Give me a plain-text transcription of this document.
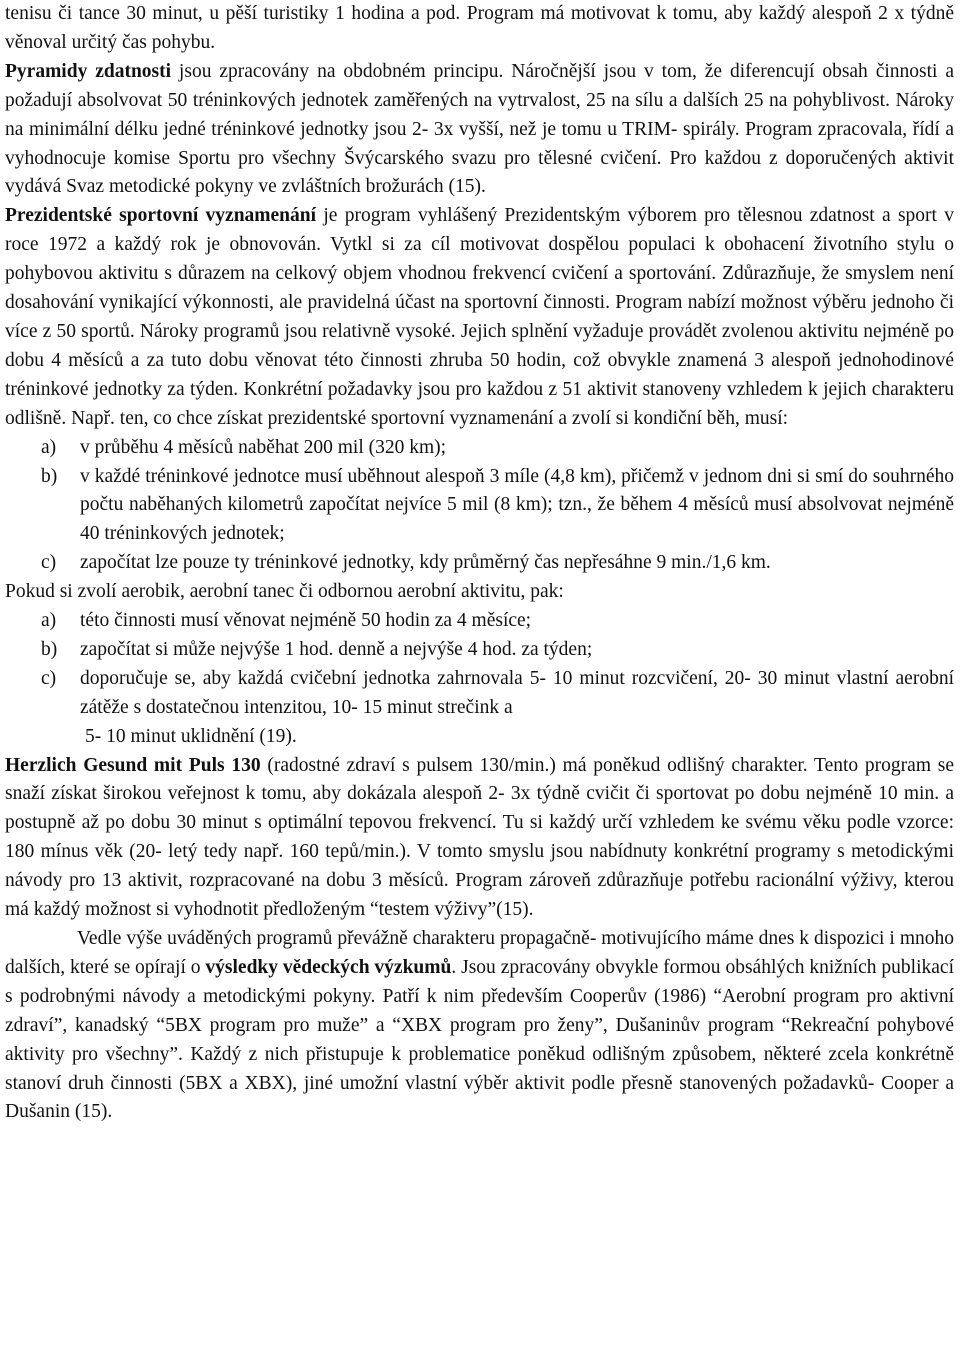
tenisu či tance 30 minut, u pěší turistiky 1 hodina a pod. Program má motivovat k tomu, aby každý alespoň 2 x týdně věnoval určitý čas pohybu.

Pyramidy zdatnosti jsou zpracovány na obdobném principu. Náročnější jsou v tom, že diferencují obsah činnosti a požadují absolvovat 50 tréninkových jednotek zaměřených na vytrvalost, 25 na sílu a dalších 25 na pohyblivost. Nároky na minimální délku jedné tréninkové jednotky jsou 2- 3x vyšší, než je tomu u TRIM- spirály. Program zpracovala, řídí a vyhodnocuje komise Sportu pro všechny Švýcarského svazu pro tělesné cvičení. Pro každou z doporučených aktivit vydává Svaz metodické pokyny ve zvláštních brožurách (15).

Prezidentské sportovní vyznamenání je program vyhlášený Prezidentským výborem pro tělesnou zdatnost a sport v roce 1972 a každý rok je obnovován. Vytkl si za cíl motivovat dospělou populaci k obohacení životního stylu o pohybovou aktivitu s důrazem na celkový objem vhodnou frekvencí cvičení a sportování. Zdůrazňuje, že smyslem není dosahování vynikající výkonnosti, ale pravidelná účast na sportovní činnosti. Program nabízí možnost výběru jednoho či více z 50 sportů. Nároky programů jsou relativně vysoké. Jejich splnění vyžaduje provádět zvolenou aktivitu nejméně po dobu 4 měsíců a za tuto dobu věnovat této činnosti zhruba 50 hodin, což obvykle znamená 3 alespoň jednohodinové tréninkové jednotky za týden. Konkrétní požadavky jsou pro každou z 51 aktivit stanoveny vzhledem k jejich charakteru odlišně. Např. ten, co chce získat prezidentské sportovní vyznamenání a zvolí si kondiční běh, musí:

a) v průběhu 4 měsíců naběhat 200 mil (320 km);
b) v každé tréninkové jednotce musí uběhnout alespoň 3 míle (4,8 km), přičemž v jednom dni si smí do souhrného počtu naběhaných kilometrů započítat nejvíce 5 mil (8 km); tzn., že během 4 měsíců musí absolvovat nejméně 40 tréninkových jednotek;
c) započítat lze pouze ty tréninkové jednotky, kdy průměrný čas nepřesáhne 9 min./1,6 km.

Pokud si zvolí aerobik, aerobní tanec či odbornou aerobní aktivitu, pak:

a) této činnosti musí věnovat nejméně 50 hodin za 4 měsíce;
b) započítat si může nejvýše 1 hod. denně a nejvýše 4 hod. za týden;
c) doporučuje se, aby každá cvičební jednotka zahrnovala 5- 10 minut rozcvičení, 20- 30 minut vlastní aerobní zátěže s dostatečnou intenzitou, 10- 15 minut strečink a

5- 10 minut uklidnění (19).

Herzlich Gesund mit Puls 130 (radostné zdraví s pulsem 130/min.) má poněkud odlišný charakter. Tento program se snaží získat širokou veřejnost k tomu, aby dokázala alespoň 2- 3x týdně cvičit či sportovat po dobu nejméně 10 min. a postupně až po dobu 30 minut s optimální tepovou frekvencí. Tu si každý určí vzhledem ke svému věku podle vzorce: 180 mínus věk (20- letý tedy např. 160 tepů/min.). V tomto smyslu jsou nabídnuty konkrétní programy s metodickými návody pro 13 aktivit, rozpracované na dobu 3 měsíců. Program zároveň zdůrazňuje potřebu racionální výživy, kterou má každý možnost si vyhodnotit předloženým “testem výživy”(15).

Vedle výše uváděných programů převážně charakteru propagačně- motivujícího máme dnes k dispozici i mnoho dalších, které se opírají o výsledky vědeckých výzkumů. Jsou zpracovány obvykle formou obsáhlých knižních publikací s podrobnými návody a metodickými pokyny. Patří k nim především Cooperův (1986) “Aerobní program pro aktivní zdraví”, kanadský “5BX program pro muže” a “XBX program pro ženy”, Dušaninův program “Rekreační pohybové aktivity pro všechny”. Každý z nich přistupuje k problematice poněkud odlišným způsobem, některé zcela konkrétně stanoví druh činnosti (5BX a XBX), jiné umožní vlastní výběr aktivit podle přesně stanovených požadavků- Cooper a Dušanin (15).
